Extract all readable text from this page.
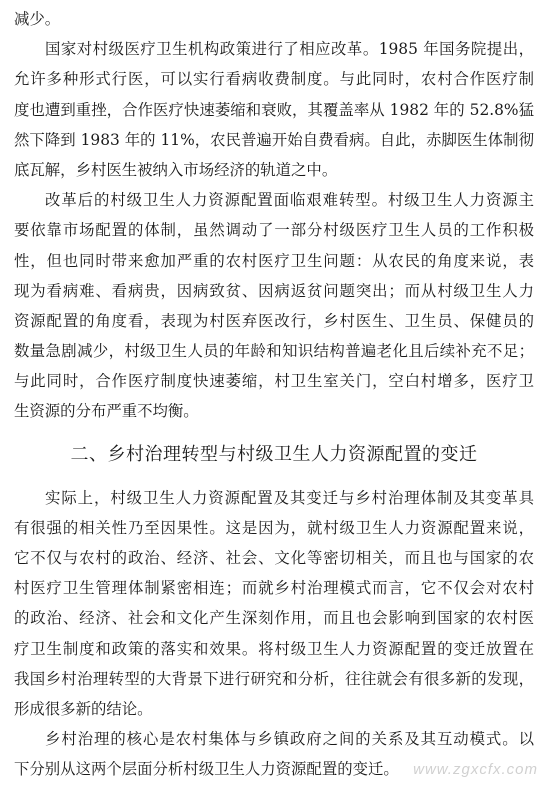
减少。
国家对村级医疗卫生机构政策进行了相应改革。1985 年国务院提出，
允许多种形式行医，可以实行看病收费制度。与此同时，农村合作医疗制
度也遭到重挫，合作医疗快速萎缩和衰败，其覆盖率从 1982 年的 52.8%猛
然下降到 1983 年的 11%，农民普遍开始自费看病。自此，赤脚医生体制彻
底瓦解，乡村医生被纳入市场经济的轨道之中。
改革后的村级卫生人力资源配置面临艰难转型。村级卫生人力资源主
要依靠市场配置的体制，虽然调动了一部分村级医疗卫生人员的工作积极
性，但也同时带来愈加严重的农村医疗卫生问题：从农民的角度来说，表
现为看病难、看病贵，因病致贫、因病返贫问题突出；而从村级卫生人力
资源配置的角度看，表现为村医弃医改行，乡村医生、卫生员、保健员的
数量急剧减少，村级卫生人员的年龄和知识结构普遍老化且后续补充不足；
与此同时，合作医疗制度快速萎缩，村卫生室关门，空白村增多，医疗卫
生资源的分布严重不均衡。
二、乡村治理转型与村级卫生人力资源配置的变迁
实际上，村级卫生人力资源配置及其变迁与乡村治理体制及其变革具
有很强的相关性乃至因果性。这是因为，就村级卫生人力资源配置来说，
它不仅与农村的政治、经济、社会、文化等密切相关，而且也与国家的农
村医疗卫生管理体制紧密相连；而就乡村治理模式而言，它不仅会对农村
的政治、经济、社会和文化产生深刻作用，而且也会影响到国家的农村医
疗卫生制度和政策的落实和效果。将村级卫生人力资源配置的变迁放置在
我国乡村治理转型的大背景下进行研究和分析，往往就会有很多新的发现，
形成很多新的结论。
乡村治理的核心是农村集体与乡镇政府之间的关系及其互动模式。以
下分别从这两个层面分析村级卫生人力资源配置的变迁。 www.zgxcfx.com
